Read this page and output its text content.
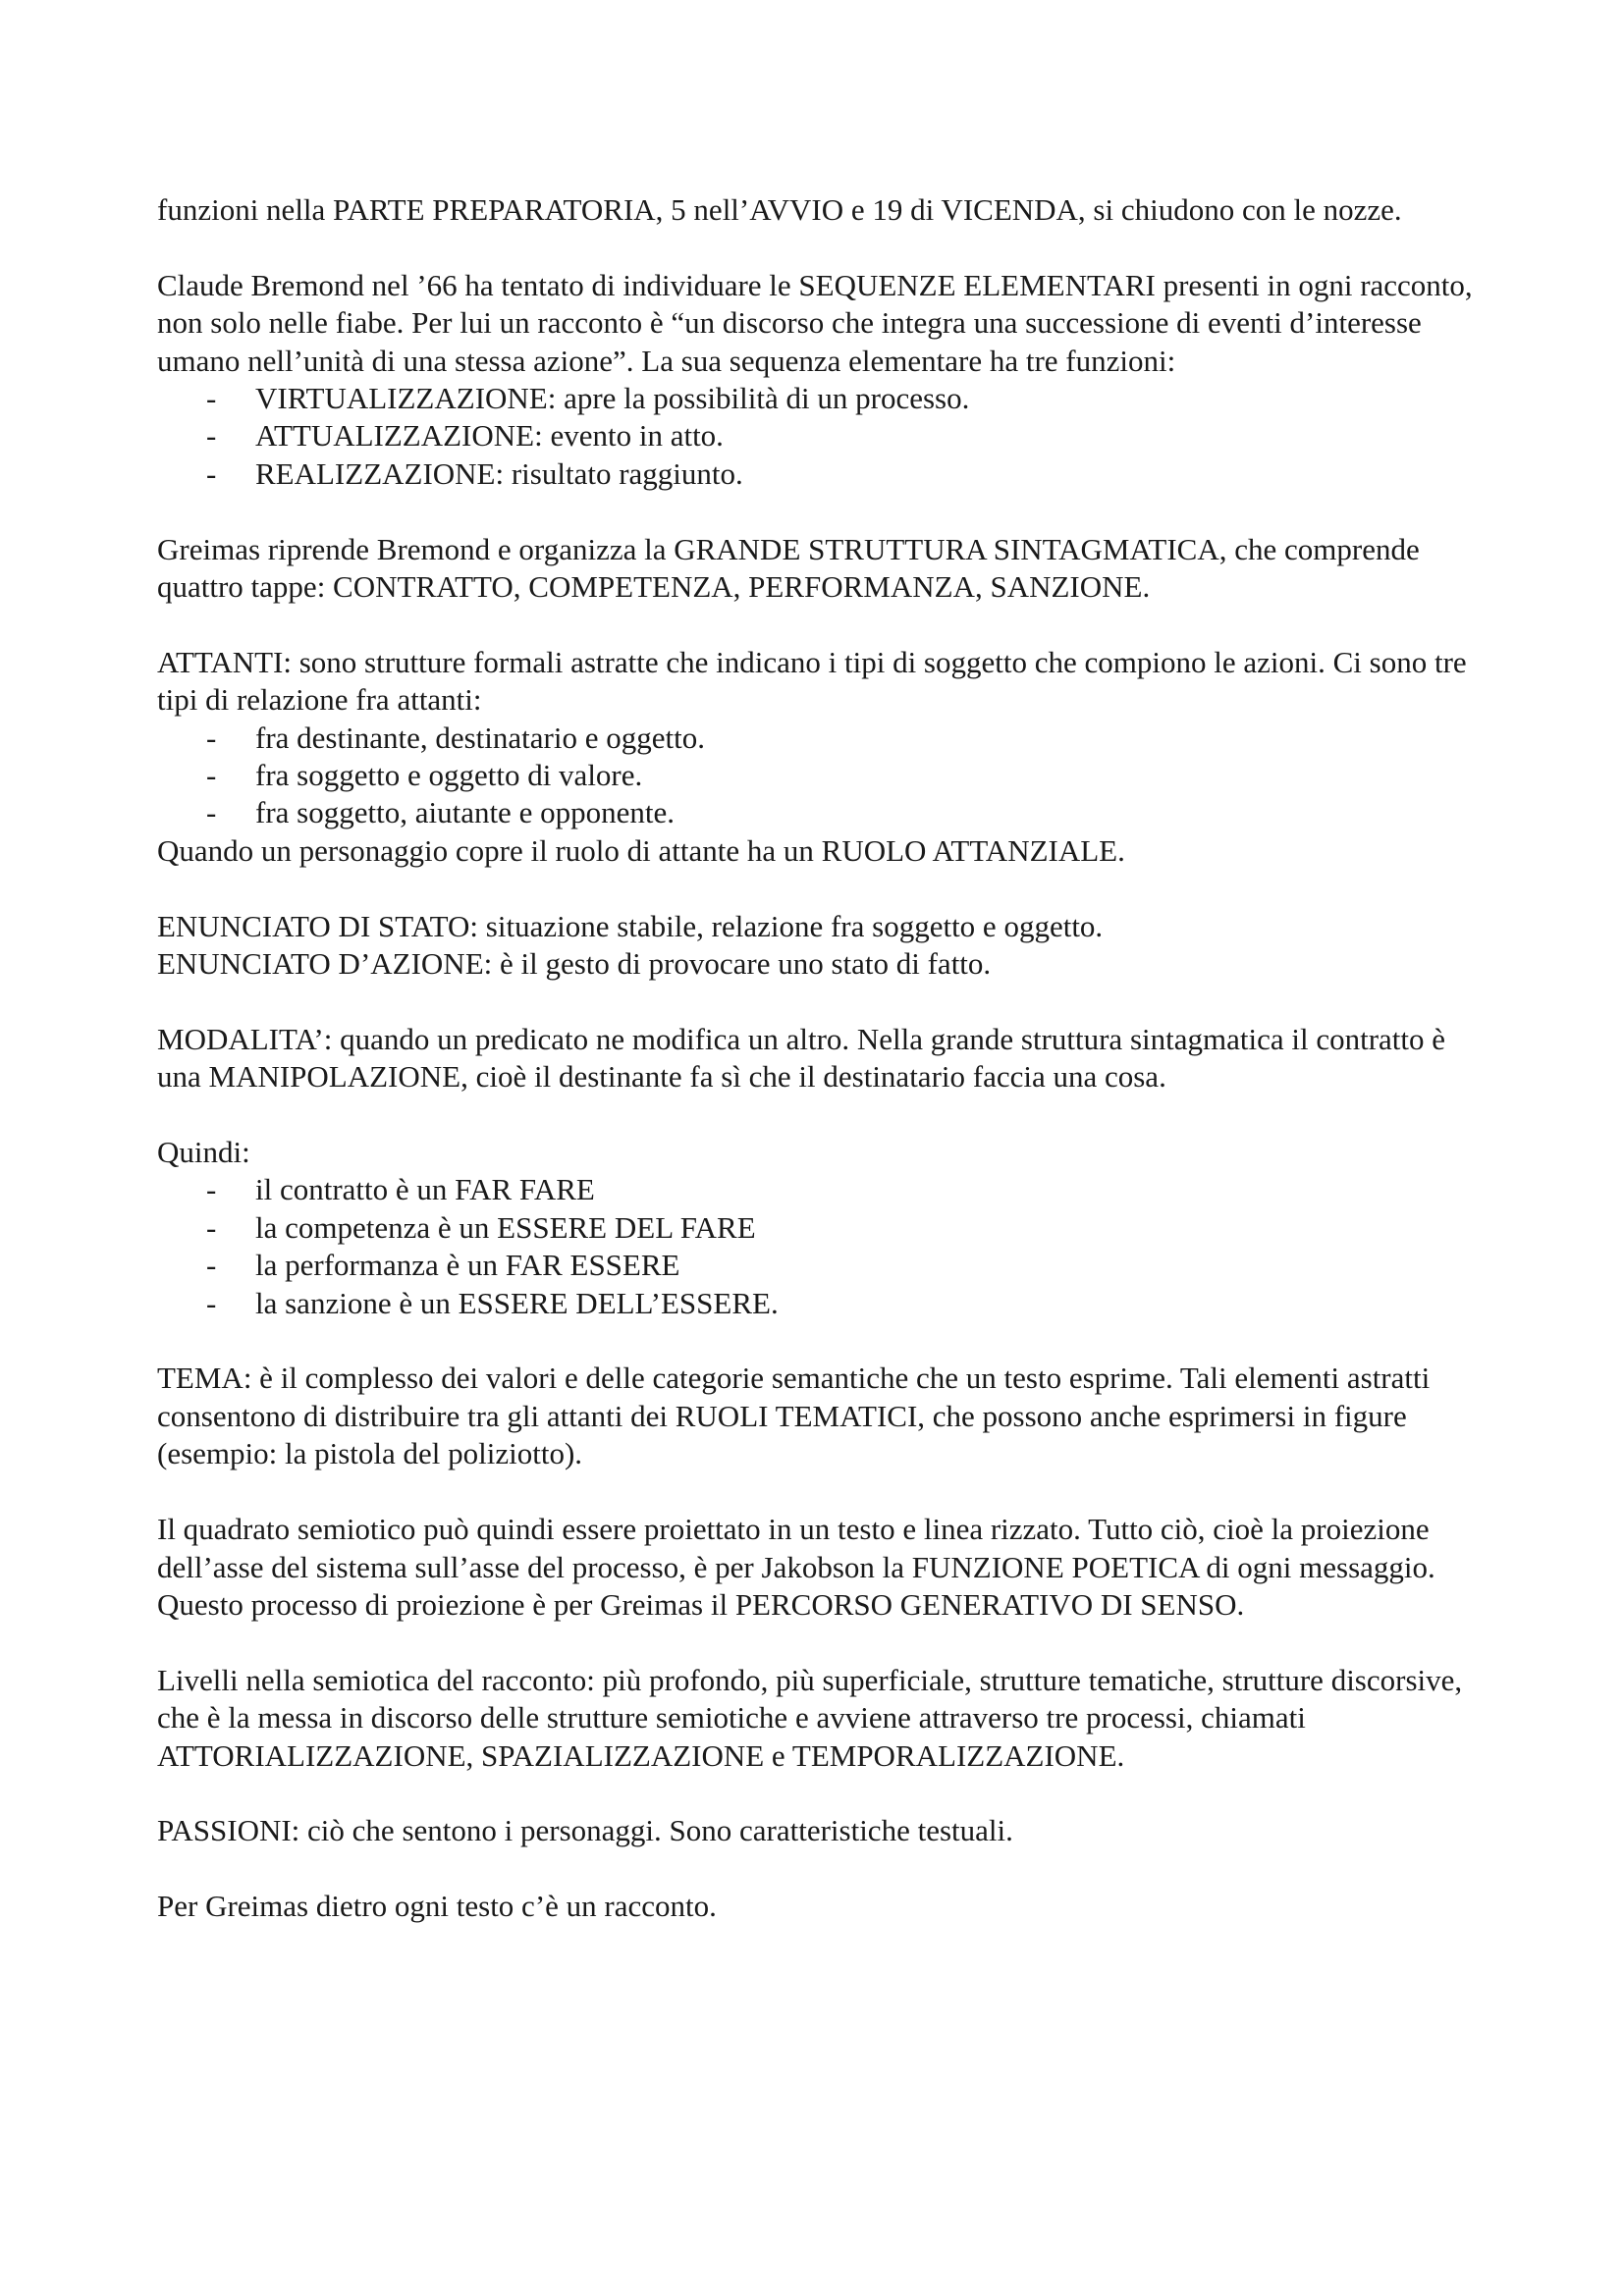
funzioni nella PARTE PREPARATORIA, 5 nell’AVVIO e 19 di VICENDA, si chiudono con le nozze.

Claude Bremond nel ’66 ha tentato di individuare le SEQUENZE ELEMENTARI presenti in ogni racconto, non solo nelle fiabe. Per lui un racconto è “un discorso che integra una successione di eventi d’interesse umano nell’unità di una stessa azione”. La sua sequenza elementare ha tre funzioni:

- VIRTUALIZZAZIONE: apre la possibilità di un processo.
- ATTUALIZZAZIONE: evento in atto.
- REALIZZAZIONE: risultato raggiunto.

Greimas riprende Bremond e organizza la GRANDE STRUTTURA SINTAGMATICA, che comprende quattro tappe: CONTRATTO, COMPETENZA, PERFORMANZA, SANZIONE.

ATTANTI: sono strutture formali astratte che indicano i tipi di soggetto che compiono le azioni. Ci sono tre tipi di relazione fra attanti:

- fra destinante, destinatario e oggetto.
- fra soggetto e oggetto di valore.
- fra soggetto, aiutante e opponente.

Quando un personaggio copre il ruolo di attante ha un RUOLO ATTANZIALE.

ENUNCIATO DI STATO: situazione stabile, relazione fra soggetto e oggetto.

ENUNCIATO D’AZIONE: è il gesto di provocare uno stato di fatto.

MODALITA’: quando un predicato ne modifica un altro. Nella grande struttura sintagmatica il contratto è una MANIPOLAZIONE, cioè il destinante fa sì che il destinatario faccia una cosa.

Quindi:

- il contratto è un FAR FARE
- la competenza è un ESSERE DEL FARE
- la performanza è un FAR ESSERE
- la sanzione è un ESSERE DELL’ESSERE.

TEMA: è il complesso dei valori e delle categorie semantiche che un testo esprime. Tali elementi astratti consentono di distribuire tra gli attanti dei RUOLI TEMATICI, che possono anche esprimersi in figure (esempio: la pistola del poliziotto).

Il quadrato semiotico può quindi essere proiettato in un testo e linea rizzato. Tutto ciò, cioè la proiezione dell’asse del sistema sull’asse del processo, è per Jakobson la FUNZIONE POETICA di ogni messaggio. Questo processo di proiezione è per Greimas il PERCORSO GENERATIVO DI SENSO.

Livelli nella semiotica del racconto: più profondo, più superficiale, strutture tematiche, strutture discorsive, che è la messa in discorso delle strutture semiotiche e avviene attraverso tre processi, chiamati ATTORIALIZZAZIONE, SPAZIALIZZAZIONE e TEMPORALIZZAZIONE.

PASSIONI: ciò che sentono i personaggi. Sono caratteristiche testuali.

Per Greimas dietro ogni testo c’è un racconto.
